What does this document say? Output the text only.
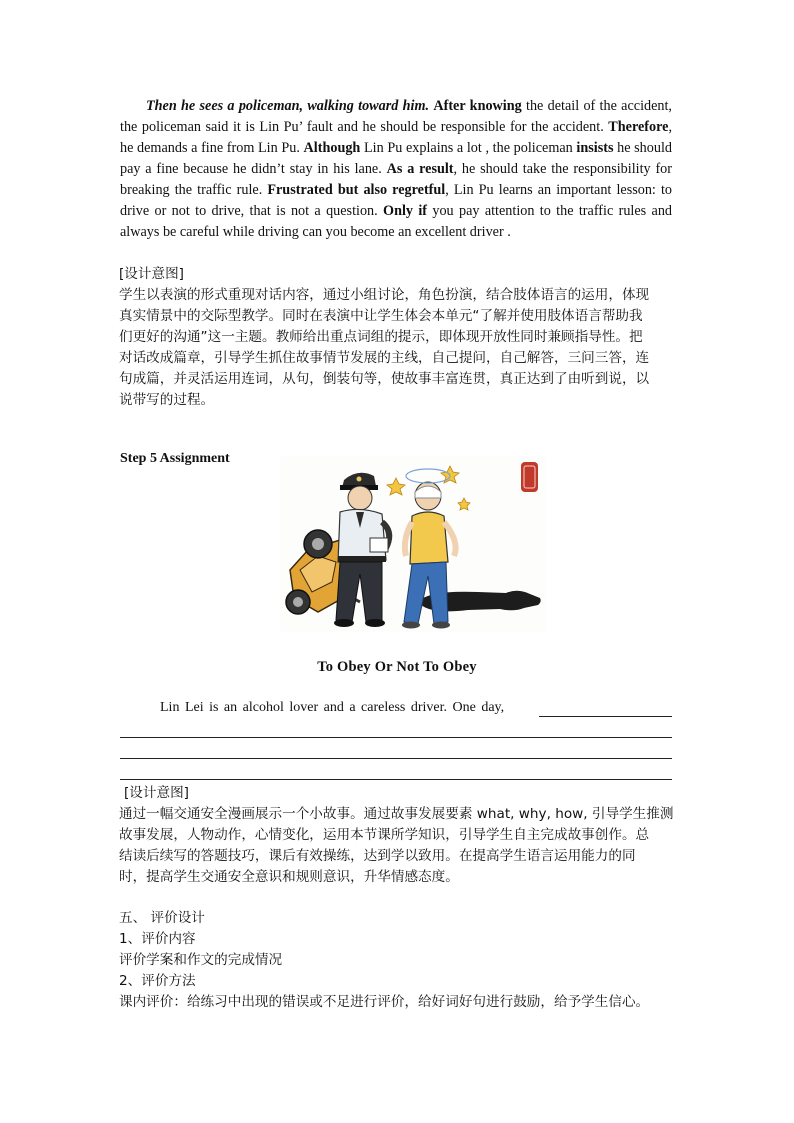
Then he sees a policeman, walking toward him. After knowing the detail of the accident, the policeman said it is Lin Pu’ fault and he should be responsible for the accident. Therefore, he demands a fine from Lin Pu. Although Lin Pu explains a lot , the policeman insists he should pay a fine because he didn’t stay in his lane. As a result, he should take the responsibility for breaking the traffic rule. Frustrated but also regretful, Lin Pu learns an important lesson: to drive or not to drive, that is not a question. Only if you pay attention to the traffic rules and always be careful while driving can you become an excellent driver .

[设计意图]

学生以表演的形式重现对话内容，通过小组讨论，角色扮演，结合肢体语言的运用，体现
真实情景中的交际型教学。同时在表演中让学生体会本单元“了解并使用肢体语言帮助我
们更好的沟通”这一主题。教师给出重点词组的提示，即体现开放性同时兼顾指导性。把
对话改成篇章，引导学生抓住故事情节发展的主线，自己提问，自己解答，三问三答，连
句成篇，并灵活运用连词，从句，倒装句等，使故事丰富连贯，真正达到了由听到说，以
说带写的过程。

Step 5 Assignment

To Obey Or Not To Obey

Lin Lei is an alcohol lover and a careless driver. One day,

[设计意图]

通过一幅交通安全漫画展示一个小故事。通过故事发展要素 what, why, how, 引导学生推测
故事发展，人物动作，心情变化，运用本节课所学知识，引导学生自主完成故事创作。总
结读后续写的答题技巧，课后有效操练，达到学以致用。在提高学生语言运用能力的同
时，提高学生交通安全意识和规则意识，升华情感态度。

五、 评价设计

1、评价内容

评价学案和作文的完成情况

2、评价方法

课内评价：给练习中出现的错误或不足进行评价，给好词好句进行鼓励，给予学生信心。
